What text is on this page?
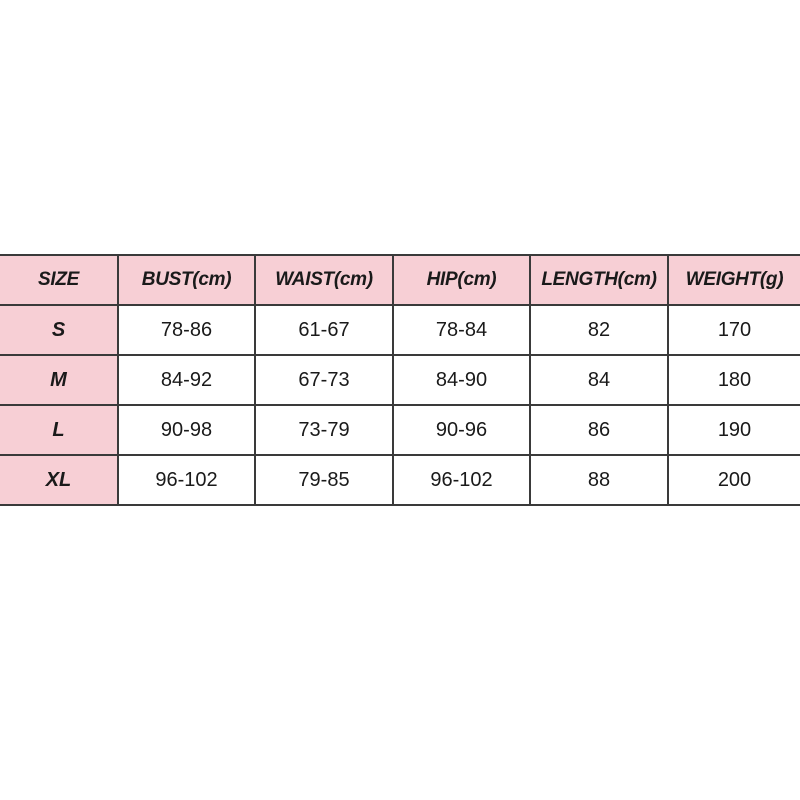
SIZE	BUST(cm)	WAIST(cm)	HIP(cm)	LENGTH(cm)	WEIGHT(g)
S	78-86	61-67	78-84	82	170
M	84-92	67-73	84-90	84	180
L	90-98	73-79	90-96	86	190
XL	96-102	79-85	96-102	88	200
